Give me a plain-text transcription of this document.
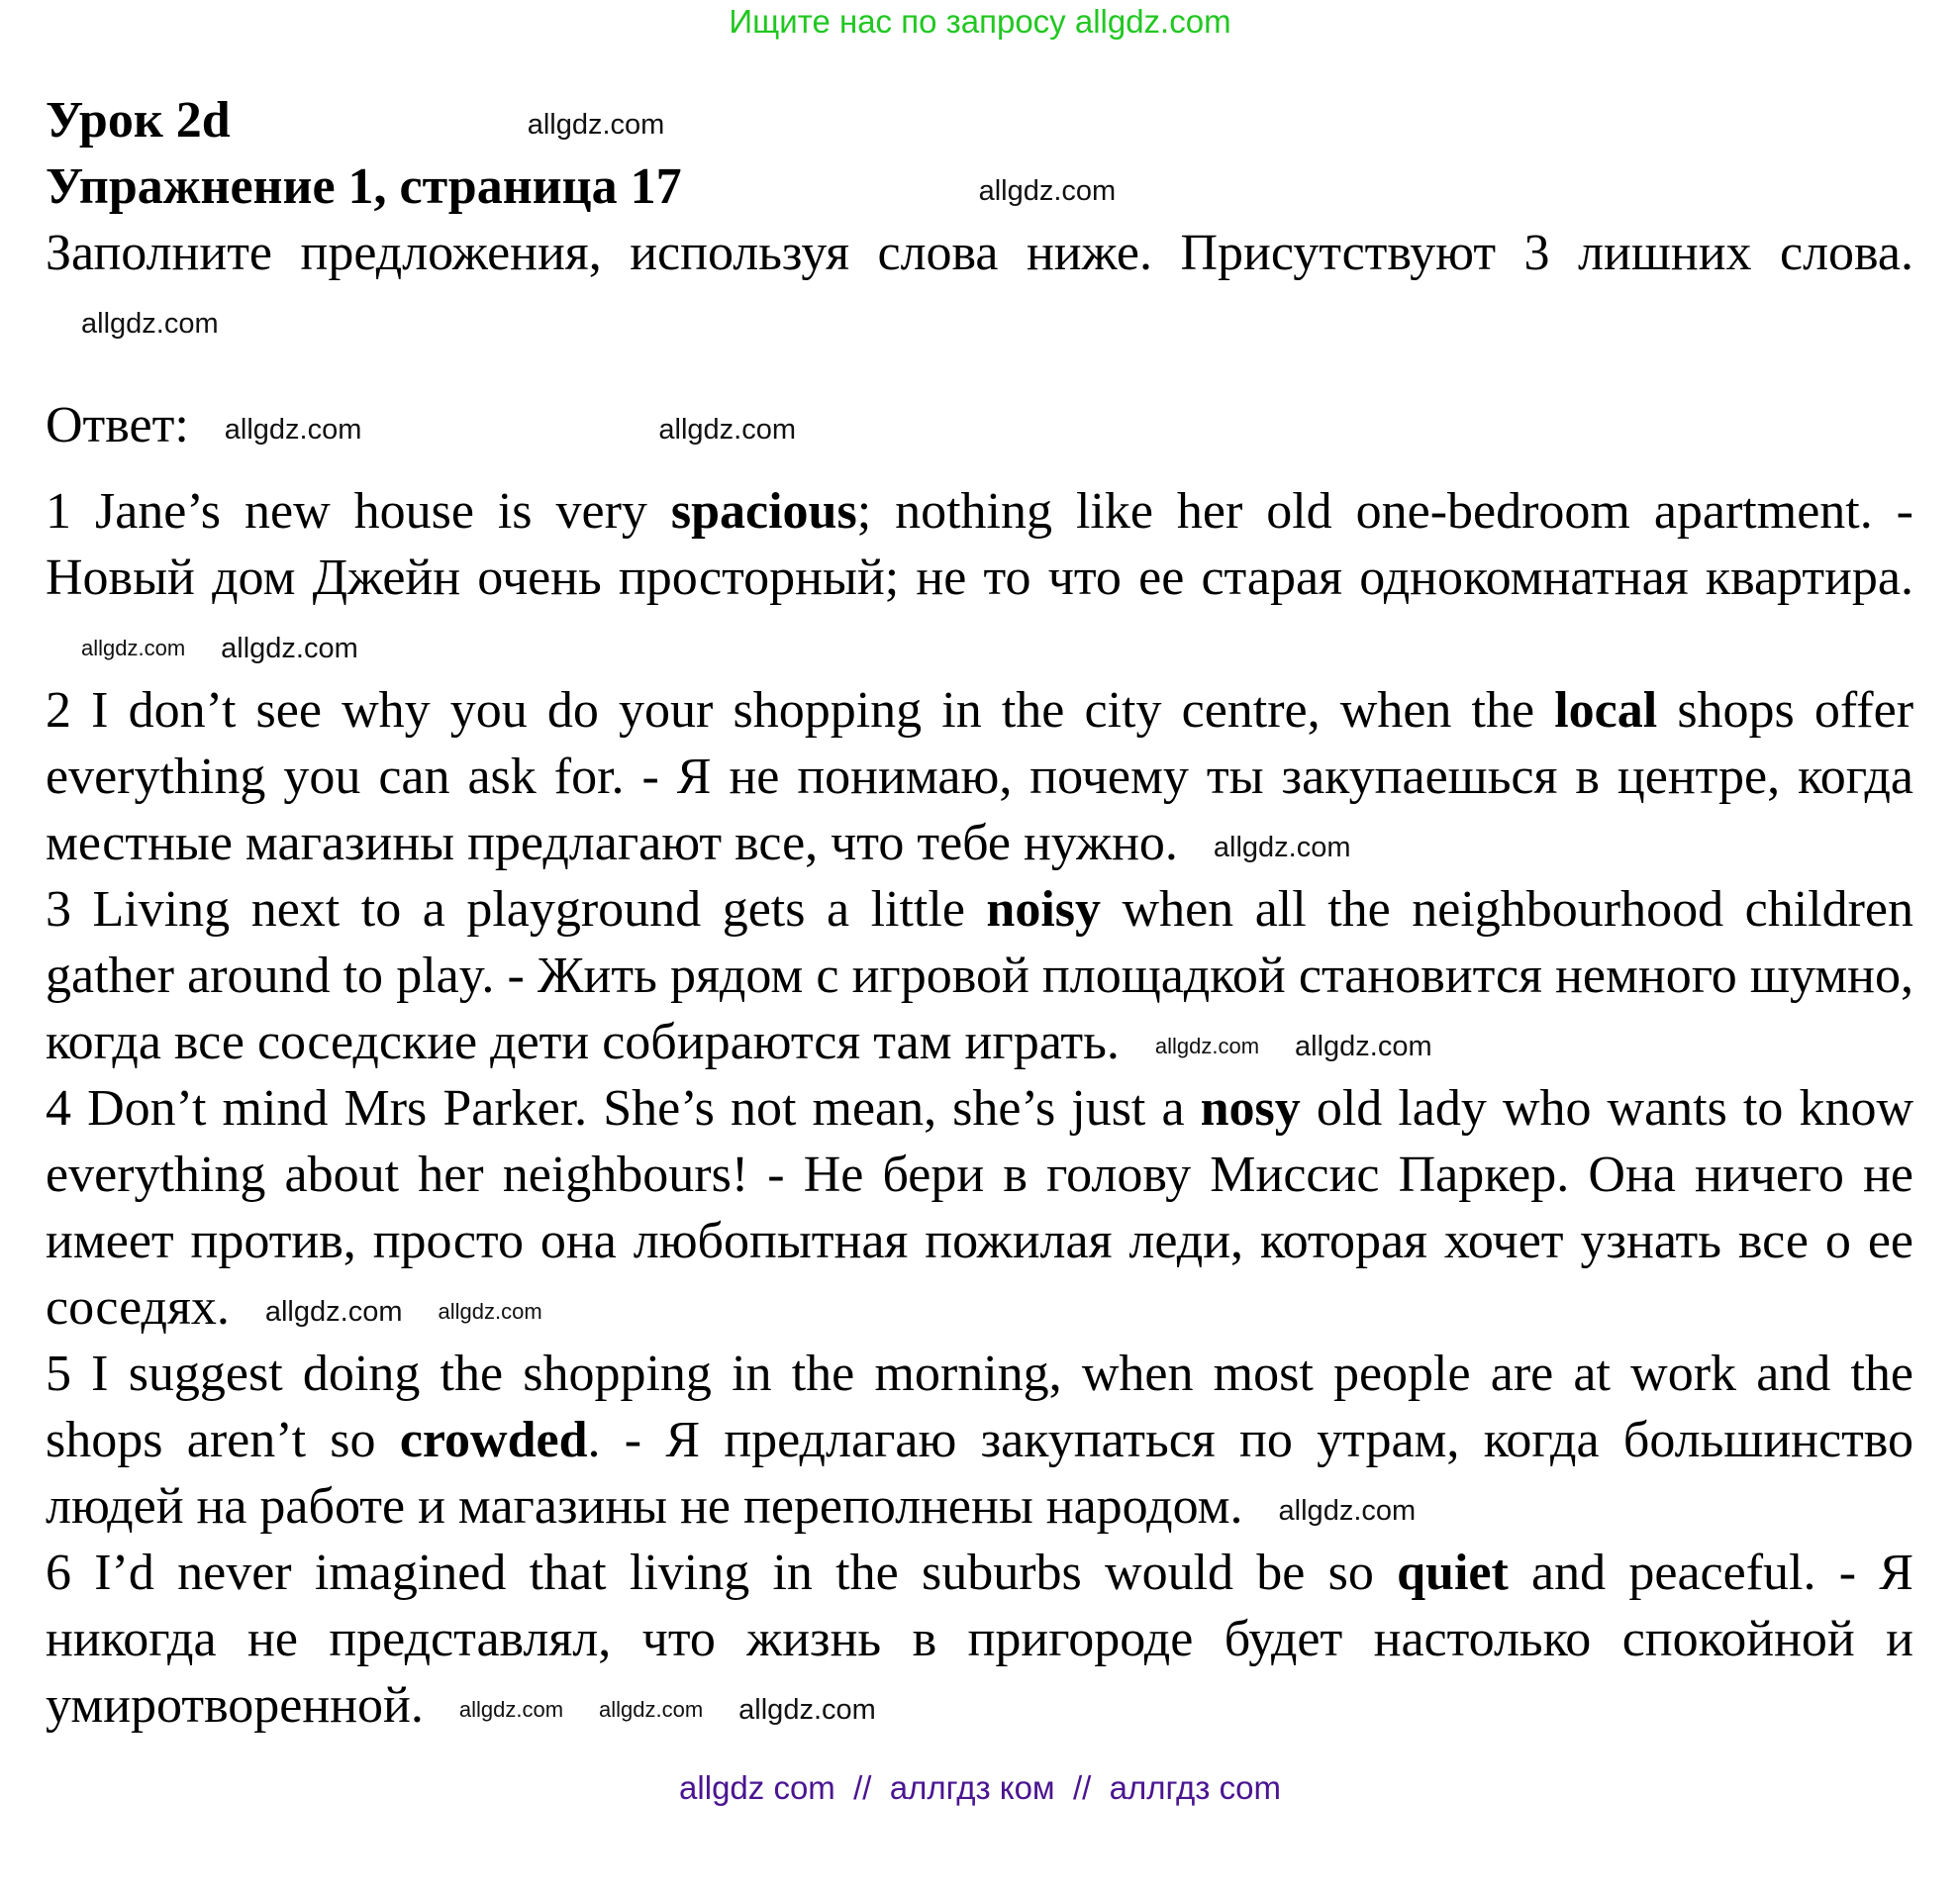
Ищите нас по запросу allgdz.com

Урок 2d	allgdz.com

Упражнение 1, страница 17	allgdz.com

Заполните предложения, используя слова ниже. Присутствуют 3 лишних слова.allgdz.com

Ответ: allgdz.com	allgdz.com

1 Jane’s new house is very spacious; nothing like her old one-bedroom apartment. - Новый дом Джейн очень просторный; не то что ее старая однокомнатная квартира.allgdz.com allgdz.com

2 I don’t see why you do your shopping in the city centre, when the local shops offer everything you can ask for. - Я не понимаю, почему ты закупаешься в центре, когда местные магазины предлагают все, что тебе нужно. allgdz.com

3 Living next to a playground gets a little noisy when all the neighbourhood children gather around to play. - Жить рядом с игровой площадкой становится немного шумно, когда все соседские дети собираются там играть. allgdz.com allgdz.com

4 Don’t mind Mrs Parker. She’s not mean, she’s just a nosy old lady who wants to know everything about her neighbours! - Не бери в голову Миссис Паркер. Она ничего не имеет против, просто она любопытная пожилая леди, которая хочет узнать все о ее соседях. allgdz.com allgdz.com

5 I suggest doing the shopping in the morning, when most people are at work and the shops aren’t so crowded. - Я предлагаю закупаться по утрам, когда большинство людей на работе и магазины не переполнены народом. allgdz.com

6 I’d never imagined that living in the suburbs would be so quiet and peaceful. - Я никогда не представлял, что жизнь в пригороде будет настолько спокойной и умиротворенной. allgdz.com allgdz.com allgdz.com

allgdz com  //  аллгдз ком  //  аллгдз com
